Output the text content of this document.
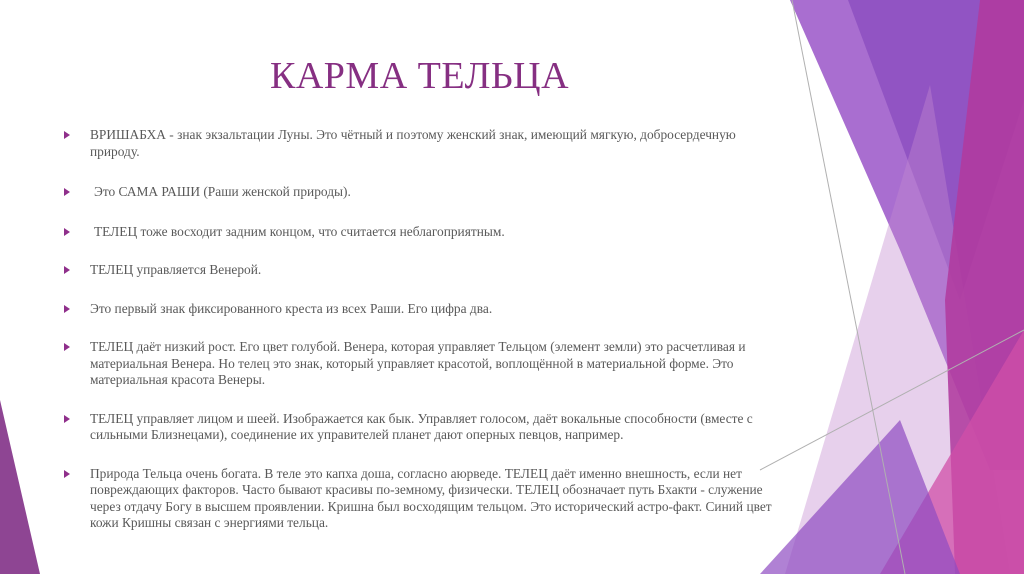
КАРМА ТЕЛЬЦА
ВРИШАБХА - знак экзальтации Луны. Это чётный и поэтому женский знак, имеющий мягкую, добросердечную природу.
Это САМА РАШИ (Раши женской природы).
ТЕЛЕЦ тоже восходит задним концом, что считается неблагоприятным.
ТЕЛЕЦ управляется Венерой.
Это первый знак фиксированного креста из всех Раши. Его цифра два.
ТЕЛЕЦ даёт низкий рост. Его цвет голубой. Венера, которая управляет Тельцом (элемент земли) это расчетливая и материальная Венера. Но телец это знак, который управляет красотой, воплощённой в материальной форме. Это материальная красота Венеры.
ТЕЛЕЦ управляет лицом и шеей. Изображается как бык. Управляет голосом, даёт вокальные способности (вместе с сильными Близнецами), соединение их управителей планет дают оперных певцов, например.
Природа Тельца очень богата. В теле это капха доша, согласно аюрведе. ТЕЛЕЦ даёт именно внешность, если нет повреждающих факторов. Часто бывают красивы по-земному, физически. ТЕЛЕЦ обозначает путь Бхакти - служение через отдачу Богу в высшем проявлении. Кришна был восходящим тельцом. Это исторический астро-факт. Синий цвет кожи Кришны связан с энергиями тельца.
